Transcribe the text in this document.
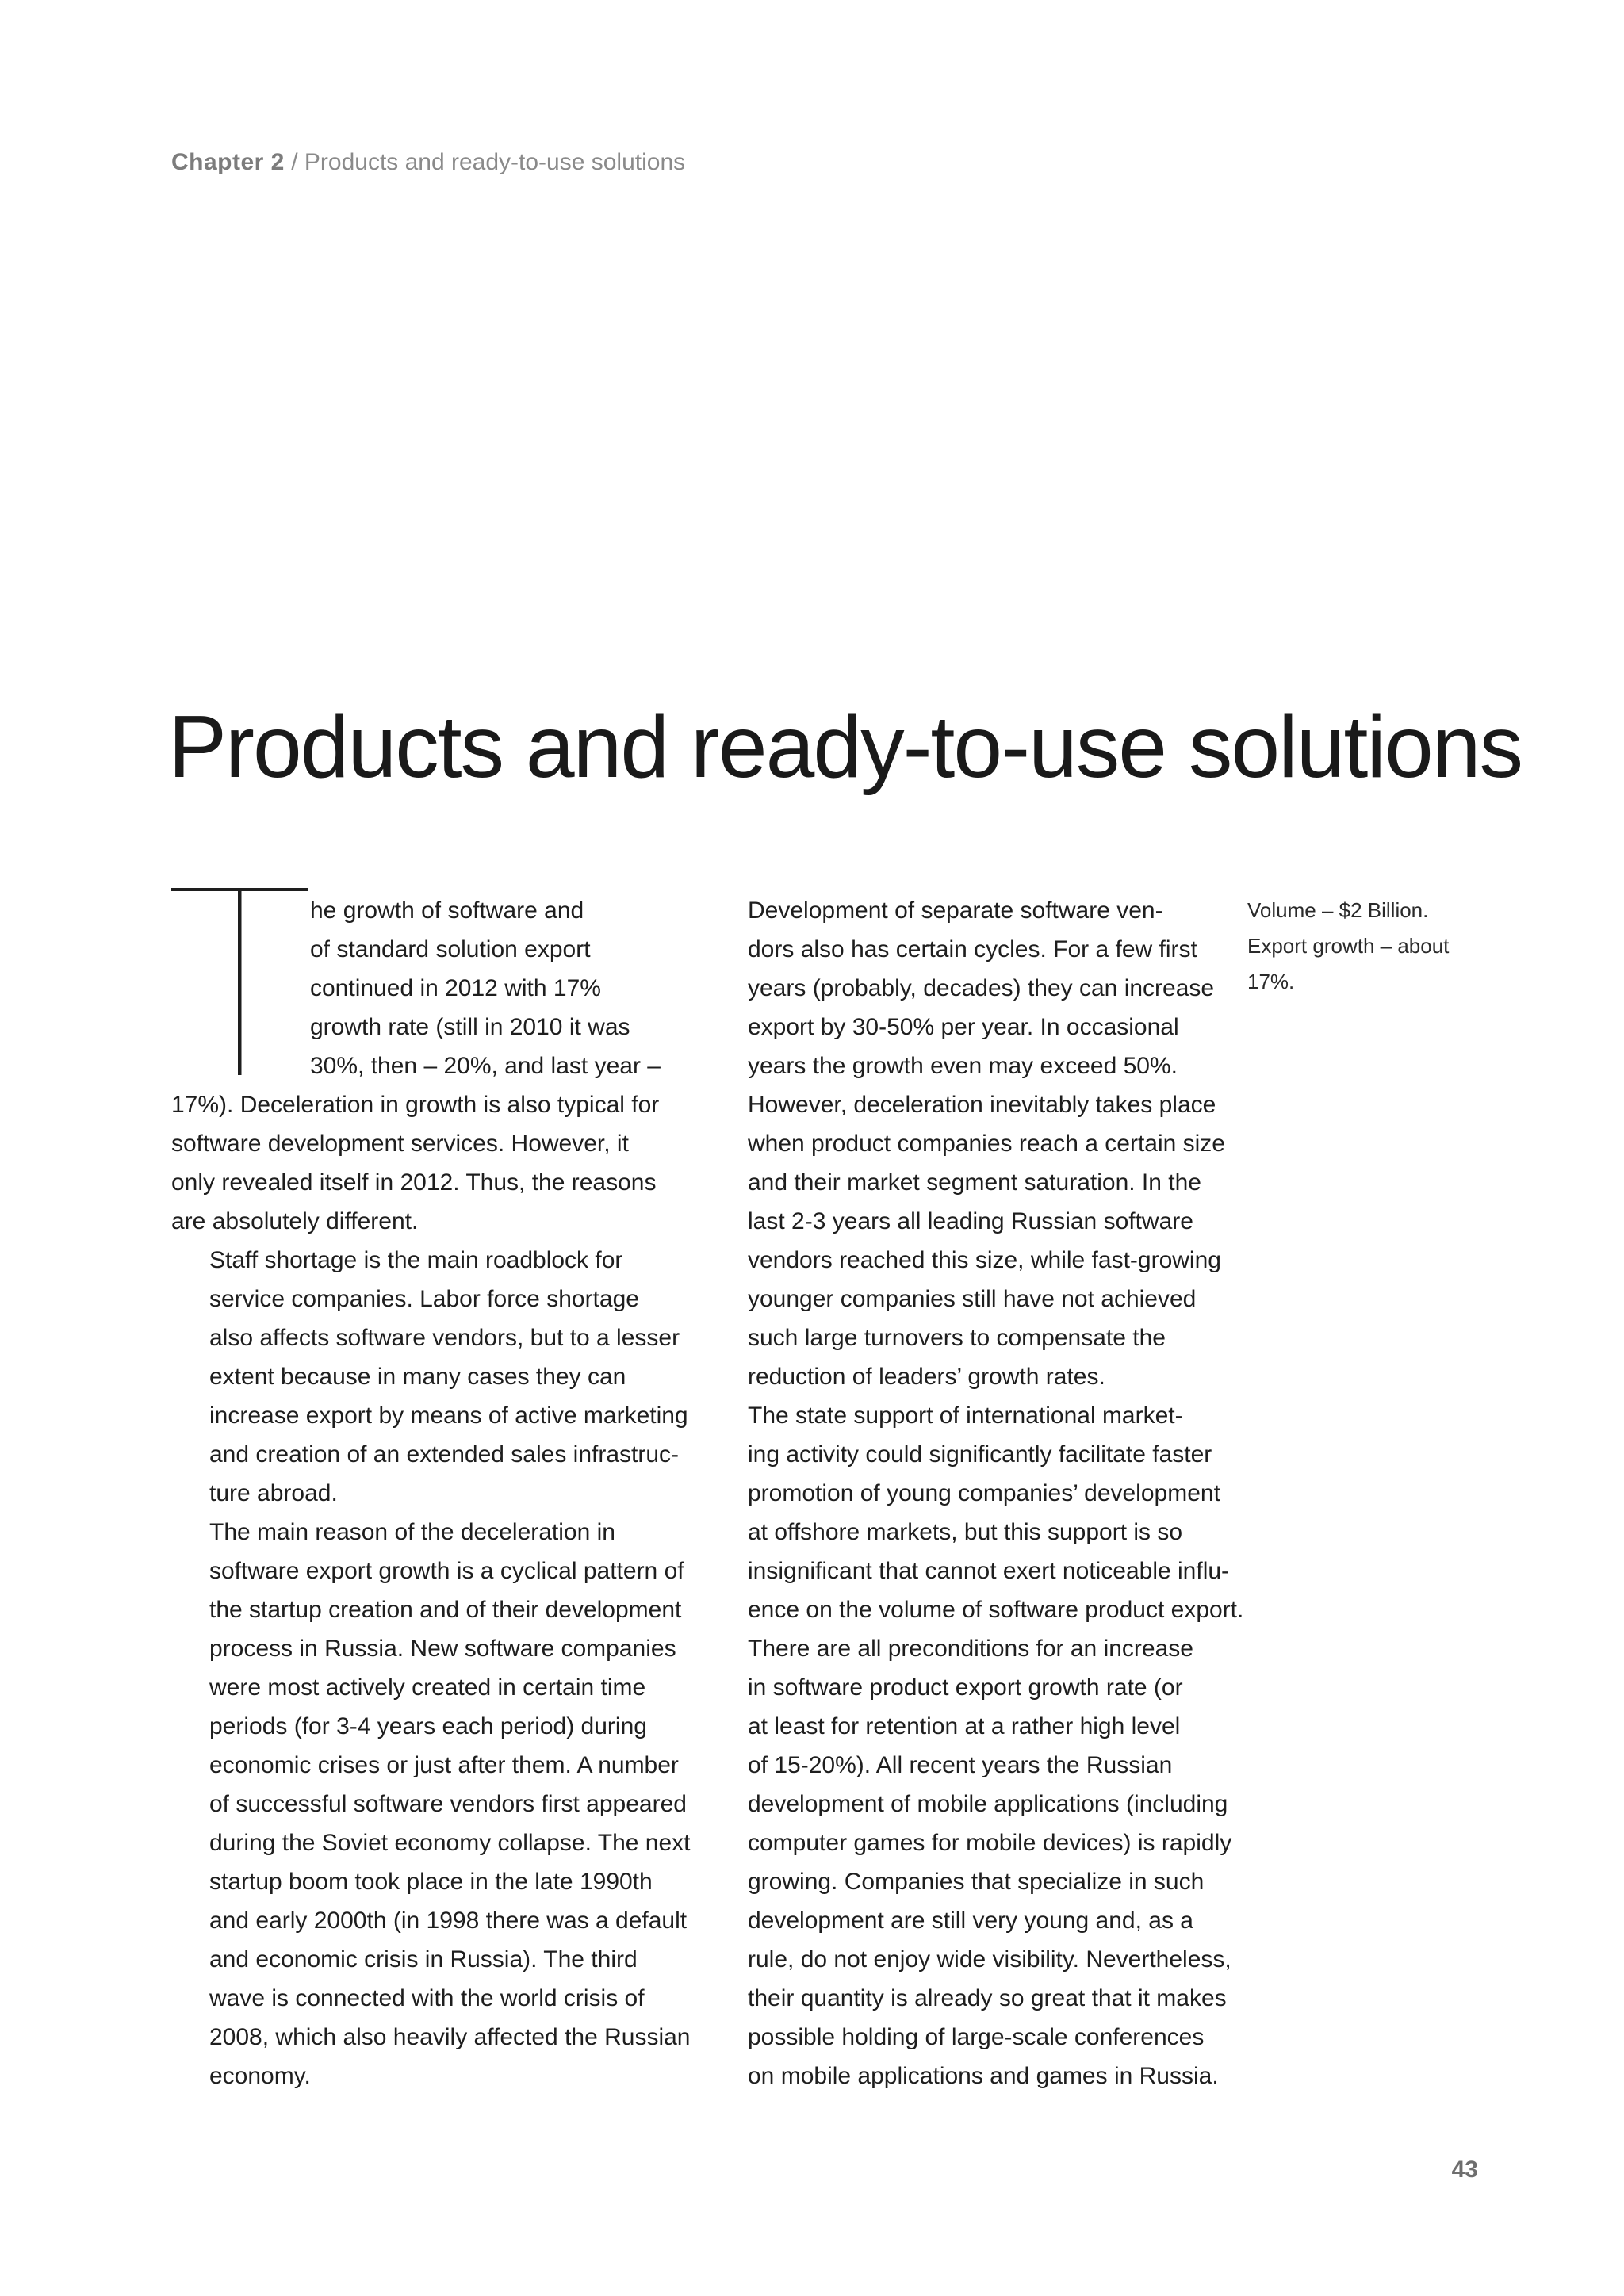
Chapter 2 / Products and ready-to-use solutions
Products and ready-to-use solutions

he growth of software and
of standard solution export
continued in 2012 with 17%
growth rate (still in 2010 it was
30%, then – 20%, and last year –
17%). Deceleration in growth is also typical for
software development services. However, it
only revealed itself in 2012. Thus, the reasons
are absolutely different.

Staff shortage is the main roadblock for
service companies. Labor force shortage
also affects software vendors, but to a lesser
extent because in many cases they can
increase export by means of active marketing
and creation of an extended sales infrastruc-
ture abroad.

The main reason of the deceleration in
software export growth is a cyclical pattern of
the startup creation and of their development
process in Russia. New software companies
were most actively created in certain time
periods (for 3-4 years each period) during
economic crises or just after them. A number
of successful software vendors first appeared
during the Soviet economy collapse. The next
startup boom took place in the late 1990th
and early 2000th (in 1998 there was a default
and economic crisis in Russia). The third
wave is connected with the world crisis of
2008, which also heavily affected the Russian
economy.

Development of separate software ven-
dors also has certain cycles. For a few first
years (probably, decades) they can increase
export by 30-50% per year. In occasional
years the growth even may exceed 50%.
However, deceleration inevitably takes place
when product companies reach a certain size
and their market segment saturation. In the
last 2-3 years all leading Russian software
vendors reached this size, while fast-growing
younger companies still have not achieved
such large turnovers to compensate the
reduction of leaders’ growth rates.

The state support of international market-
ing activity could significantly facilitate faster
promotion of young companies’ development
at offshore markets, but this support is so
insignificant that cannot exert noticeable influ-
ence on the volume of software product export.

There are all preconditions for an increase
in software product export growth rate (or
at least for retention at a rather high level
of 15-20%). All recent years the Russian
development of mobile applications (including
computer games for mobile devices) is rapidly
growing. Companies that specialize in such
development are still very young and, as a
rule, do not enjoy wide visibility. Nevertheless,
their quantity is already so great that it makes
possible holding of large-scale conferences
on mobile applications and games in Russia.

Volume – $2 Billion.

Export growth – about
17%.

43
